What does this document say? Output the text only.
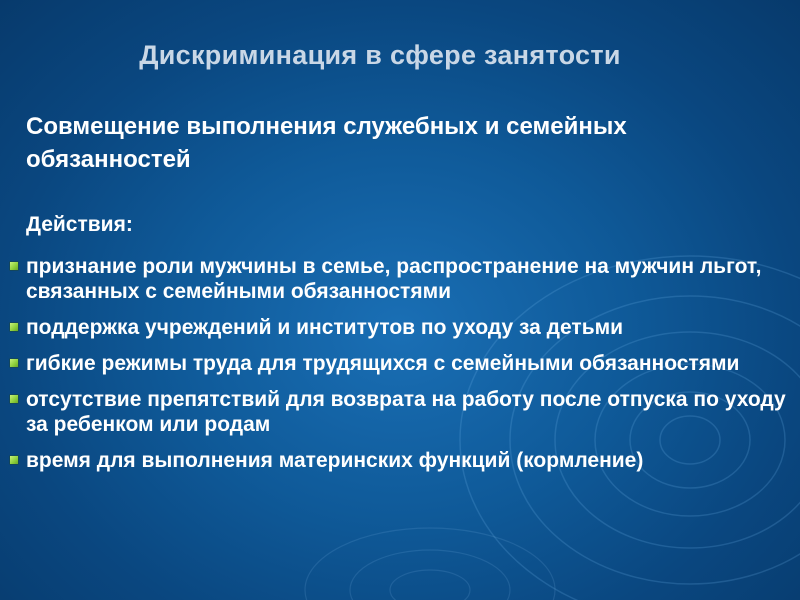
Дискриминация в сфере занятости
Совмещение выполнения служебных и семейных обязанностей
Действия:
признание роли мужчины в семье, распространение на мужчин льгот, связанных с семейными обязанностями
поддержка учреждений и институтов по уходу за детьми
гибкие режимы труда для трудящихся с семейными обязанностями
отсутствие препятствий для возврата на работу после отпуска по уходу за ребенком или родам
время для выполнения материнских функций (кормление)
